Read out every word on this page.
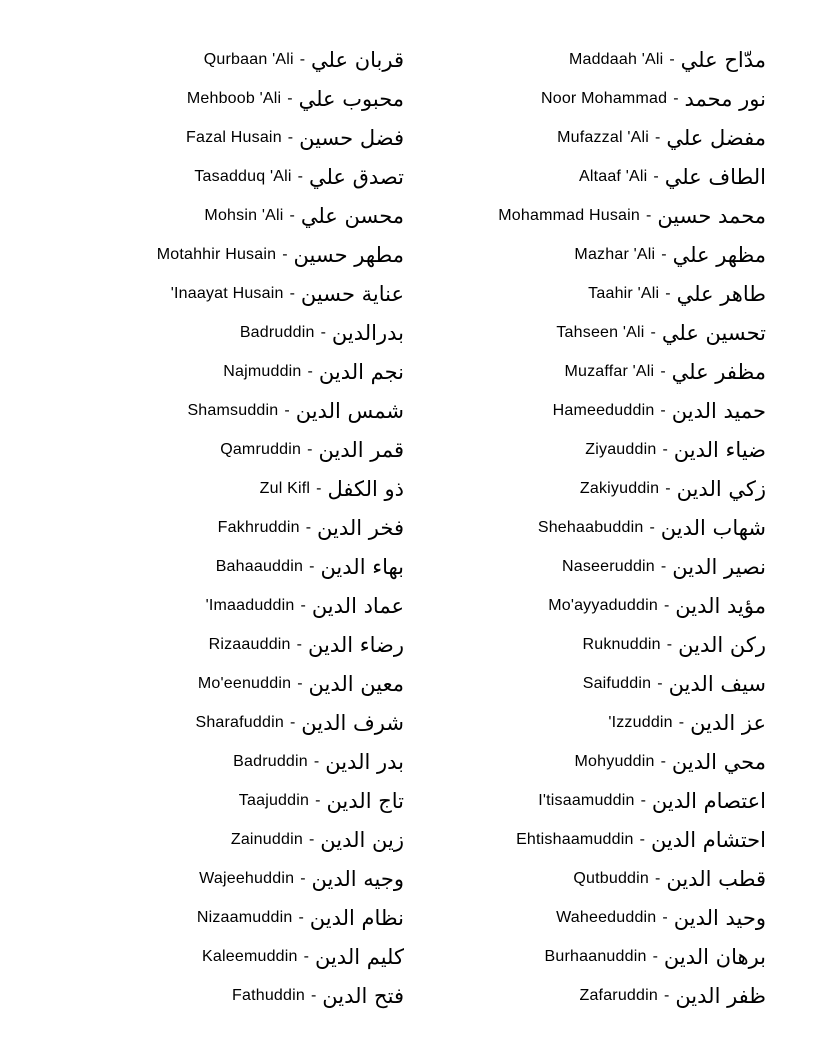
Maddaah 'Ali - مدّاح علي
Noor Mohammad - نور محمد
Mufazzal 'Ali - مفضل علي
Altaaf 'Ali - الطاف علي
Mohammad Husain - محمد حسين
Mazhar 'Ali - مظهر علي
Taahir 'Ali - طاهر علي
Tahseen 'Ali - تحسين علي
Muzaffar 'Ali - مظفر علي
Hameeduddin - حميد الدين
Ziyauddin - ضياء الدين
Zakiyuddin - زكي الدين
Shehaabuddin - شهاب الدين
Naseeruddin - نصير الدين
Mo'ayyaduddin - مؤيد الدين
Ruknuddin - ركن الدين
Saifuddin - سيف الدين
'Izzuddin - عز الدين
Mohyuddin - محي الدين
I'tisaamuddin - اعتصام الدين
Ehtishaamuddin - احتشام الدين
Qutbuddin - قطب الدين
Waheeduddin - وحيد الدين
Burhaanuddin - برهان الدين
Zafaruddin - ظفر الدين
Qurbaan 'Ali - قربان علي
Mehboob 'Ali - محبوب علي
Fazal Husain - فضل حسين
Tasadduq 'Ali - تصدق علي
Mohsin 'Ali - محسن علي
Motahhir Husain - مطهر حسين
'Inaayat Husain - عناية حسين
Badruddin - بدرالدين
Najmuddin - نجم الدين
Shamsuddin - شمس الدين
Qamruddin - قمر الدين
Zul Kifl - ذو الكفل
Fakhruddin - فخر الدين
Bahaauddin - بهاء الدين
'Imaaduddin - عماد الدين
Rizaauddin - رضاء الدين
Mo'eenuddin - معين الدين
Sharafuddin - شرف الدين
Badruddin - بدر الدين
Taajuddin - تاج الدين
Zainuddin - زين الدين
Wajeehuddin - وجيه الدين
Nizaamuddin - نظام الدين
Kaleemuddin - كليم الدين
Fathuddin - فتح الدين
